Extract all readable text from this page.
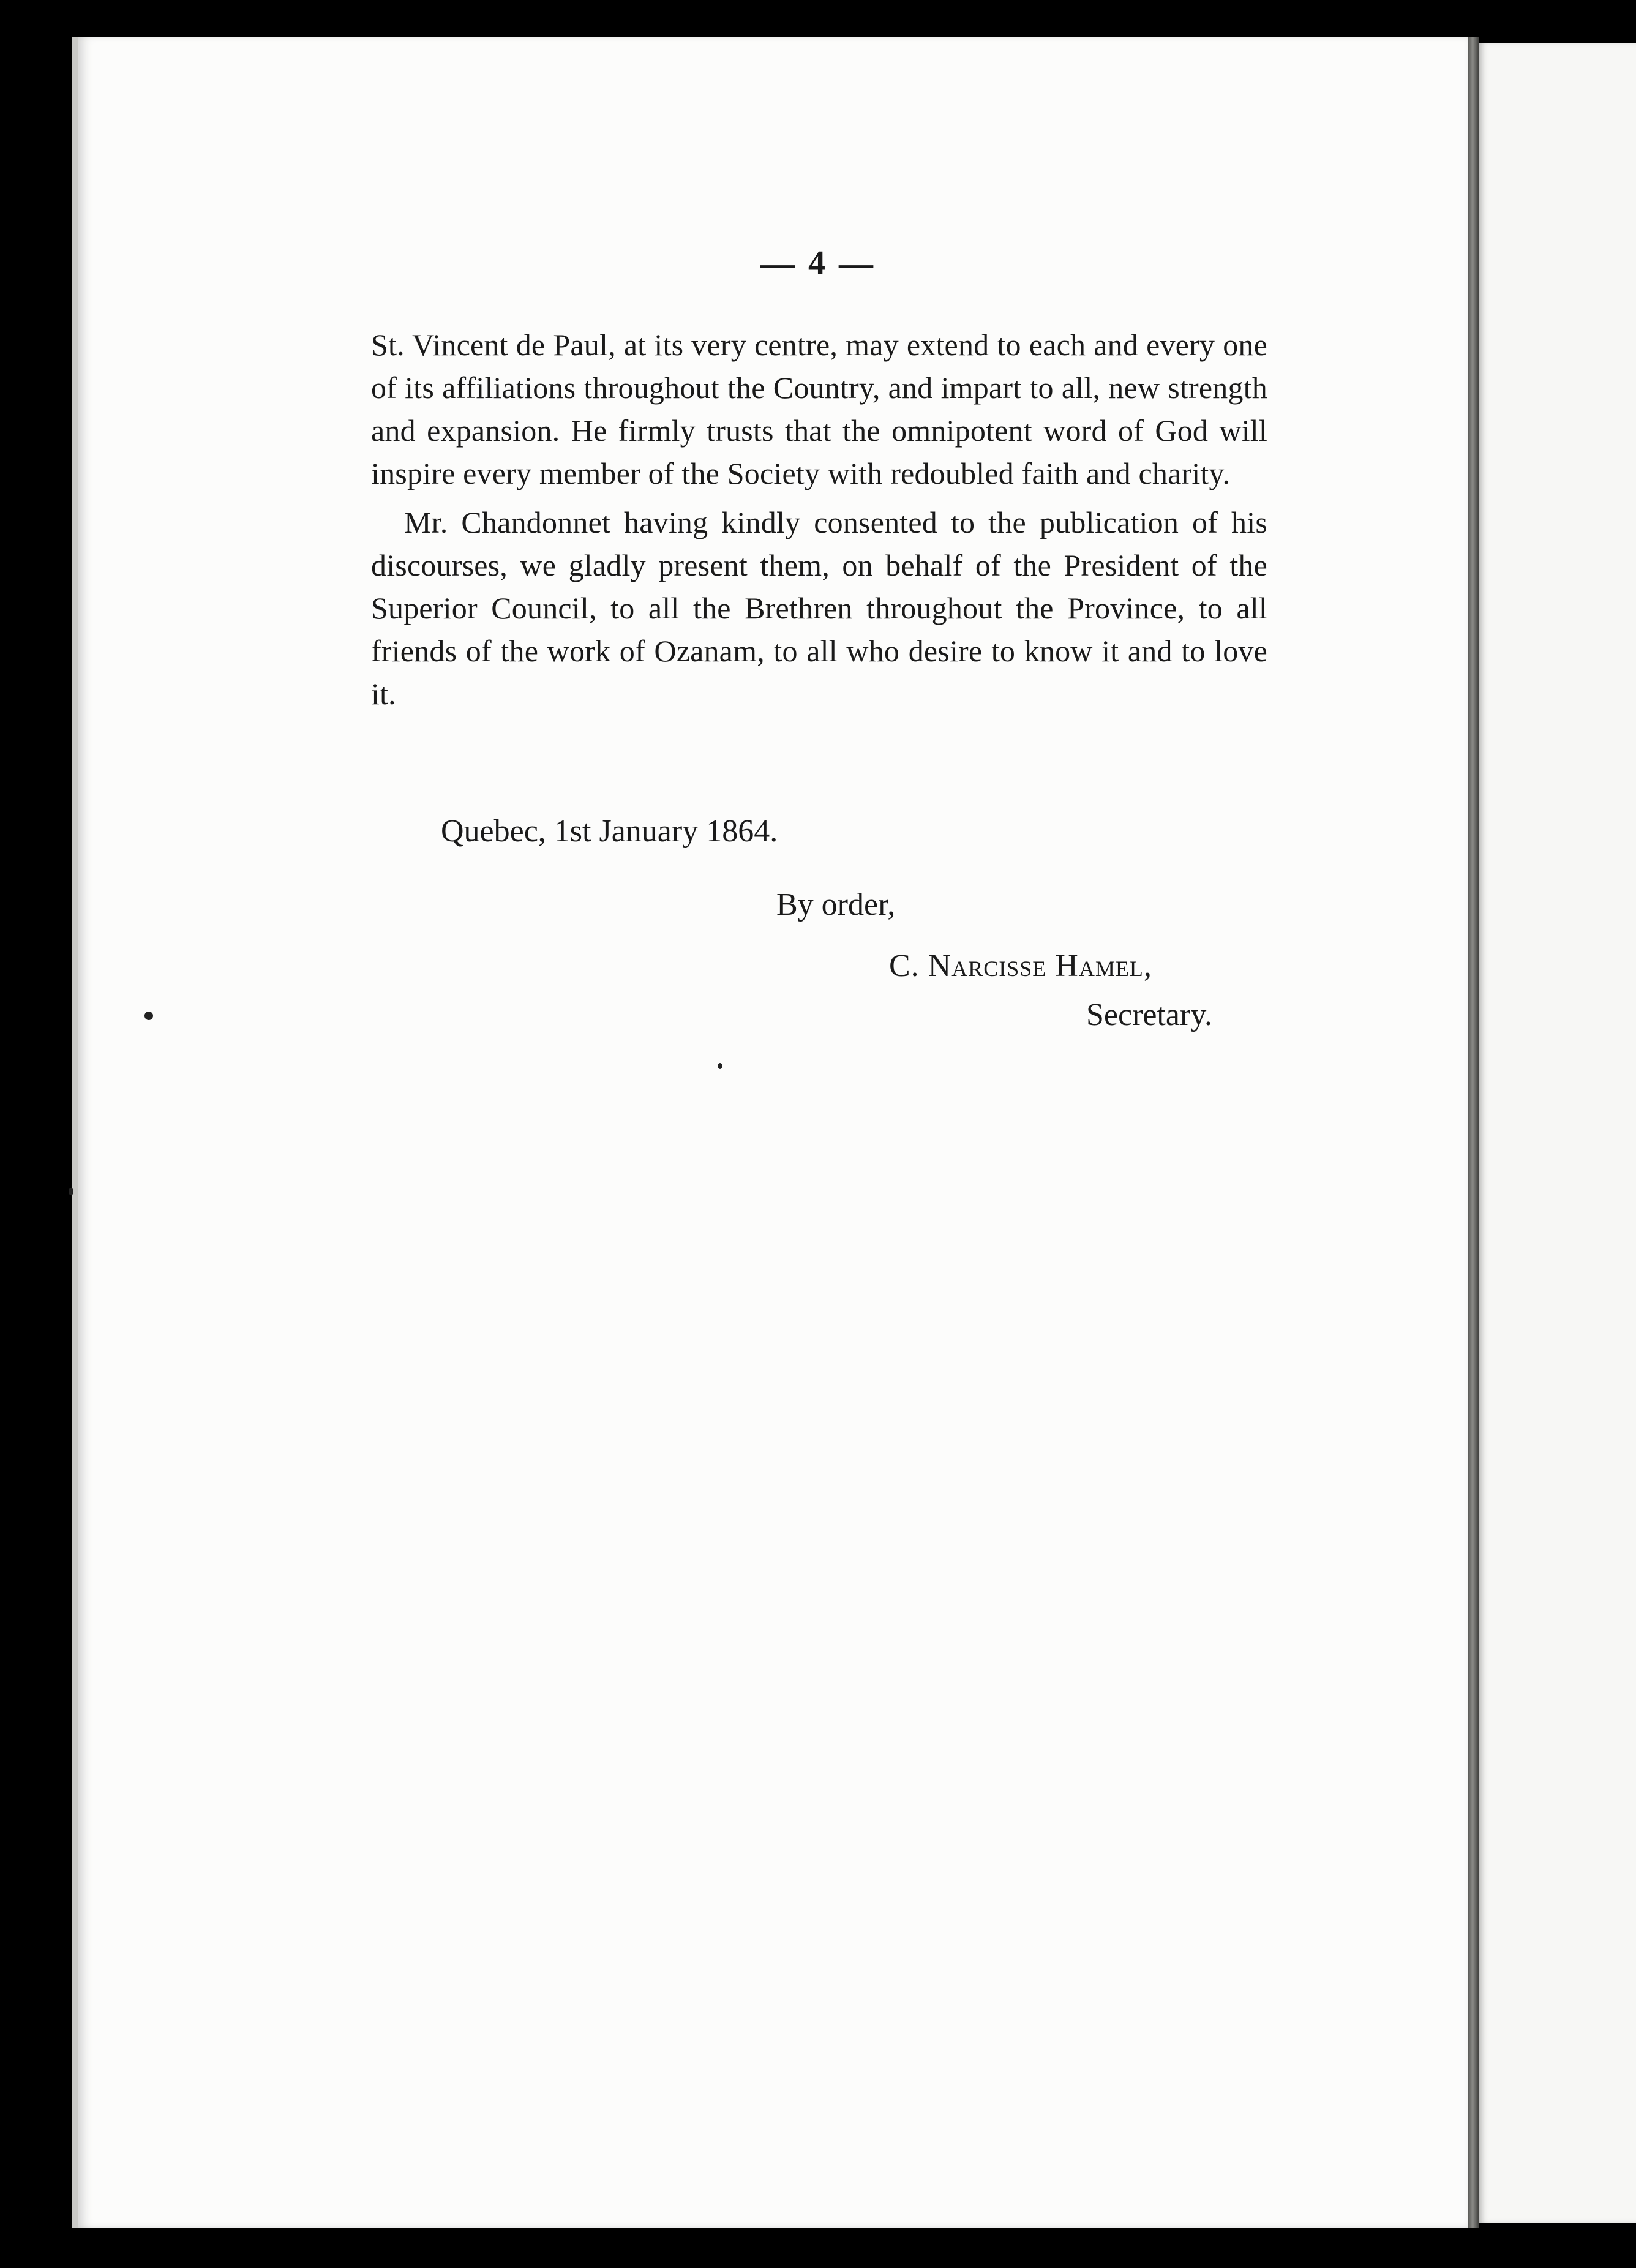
— 4 —

St. Vincent de Paul, at its very centre, may extend to each and every one of its affiliations throughout the Country, and impart to all, new strength and expansion. He firmly trusts that the omnipotent word of God will inspire every member of the Society with redoubled faith and charity.

Mr. Chandonnet having kindly consented to the publication of his discourses, we gladly present them, on behalf of the President of the Superior Council, to all the Brethren throughout the Province, to all friends of the work of Ozanam, to all who desire to know it and to love it.

Quebec, 1st January 1864.
By order,
C. Narcisse Hamel,
Secretary.
